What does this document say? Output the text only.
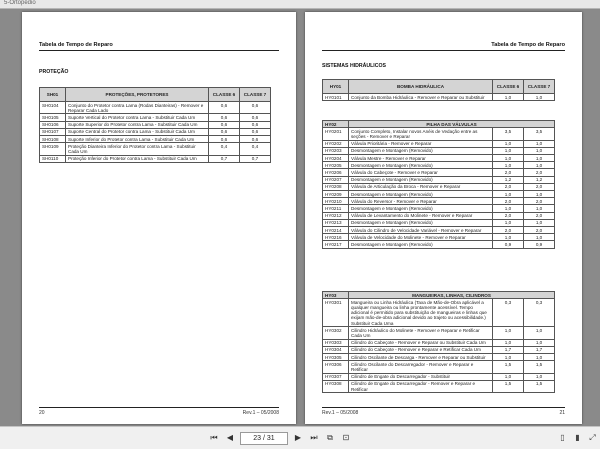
5-Ortopédio
Tabela de Tempo de Reparo
PROTEÇÃO
SH01	PROTEÇÕES, PROTETORES	CLASSE 6	CLASSE 7
SH0104	Conjunto do Protetor contra Lama (Rodas Dianteiras) - Remover e Reparar Cada Lado	0,6	0,6
SH0105	Suporte Vertical do Protetor contra Lama - Substituir Cada Um	0,6	0,6
SH0106	Suporte Superior do Protetor contra Lama - Substituir Cada Um	0,6	0,6
SH0107	Suporte Central do Protetor contra Lama - Substituir Cada Um	0,6	0,6
SH0108	Suporte Inferior do Protetor contra Lama - Substituir Cada Um	0,6	0,6
SH0109	Proteção Dianteira Inferior do Protetor contra Lama - Substituir Cada Um	0,4	0,4
SH0110	Proteção Inferior do Protetor contra Lama - Substituir Cada Um	0,7	0,7
20	Rev.1 – 05/2008
Tabela de Tempo de Reparo
SISTEMAS HIDRÁULICOS
HY01	BOMBA HIDRÁULICA	CLASSE 6	CLASSE 7
HY0101	Conjunto da Bomba Hidráulica - Remover e Reparar ou Substituir	1,0	1,0
HY02	PILHA DAS VÁLVULAS		
HY0201	Conjunto Completo, Instalar novos Anéis de Vedação entre as seções - Remover e Reparar	3,5	3,5
HY0202	Válvula Prioritária - Remover e Reparar	1,0	1,0
HY0203	Desmontagem e Montagem (Removido)	1,0	1,0
HY0204	Válvula Mestre - Remover e Reparar	1,0	1,0
HY0205	Desmontagem e Montagem (Removido)	1,0	1,0
HY0206	Válvula do Cabeçote - Remover e Reparar	2,0	2,0
HY0207	Desmontagem e Montagem (Removido)	1,2	1,2
HY0208	Válvula de Articulação da Broca - Remover e Reparar	2,0	2,0
HY0209	Desmontagem e Montagem (Removido)	1,0	1,0
HY0210	Válvula do Reversor - Remover e Reparar	2,0	2,0
HY0211	Desmontagem e Montagem (Removido)	1,0	1,0
HY0212	Válvula de Levantamento do Molinete - Remover e Reparar	2,0	2,0
HY0213	Desmontagem e Montagem (Removido)	1,0	1,0
HY0214	Válvula do Cilindro de Velocidade Variável - Remover e Reparar	2,0	2,0
HY0216	Válvula de Velocidade do Molinete - Remover e Reparar	1,0	1,0
HY0217	Desmontagem e Montagem (Removido)	0,9	0,9
HY03	MANGUEIRAS, LINHAS, CILINDROS		
HY0301	Mangueira ou Linha Hidráulica (Taxa de Mão-de-Obra aplicável a qualquer mangueira ou linha prontamente acessível. Tempo adicional é permitido para substituição de mangueiras e linhas que exijam mão-de-obra adicional devido ao trajeto ou acessibilidade.) Substituir Cada Uma	0,3	0,3
HY0302	Cilindro Hidráulico do Molinete - Remover e Reparar e Retificar Cada Um	1,0	1,0
HY0303	Cilindro do Cabeçote - Remover e Reparar ou Substituir Cada Um	1,0	1,0
HY0304	Cilindro do Cabeçote - Remover e Reparar e Retificar Cada Um	1,7	1,7
HY0305	Cilindro Oscilante de Descarga - Remover e Reparar ou Substituir	1,0	1,0
HY0306	Cilindro Oscilante do Descarregador - Remover e Reparar e Retificar	1,5	1,5
HY0307	Cilindro de Engate do Descarregador - Substituir	1,0	1,0
HY0308	Cilindro de Engate do Descarregador - Remover e Reparar e Retificar	1,5	1,5
21
Rev.1 – 05/2008
⏮	◀	23 / 31	▶	⏭	⧉	⊡	▯	▮	⤢
